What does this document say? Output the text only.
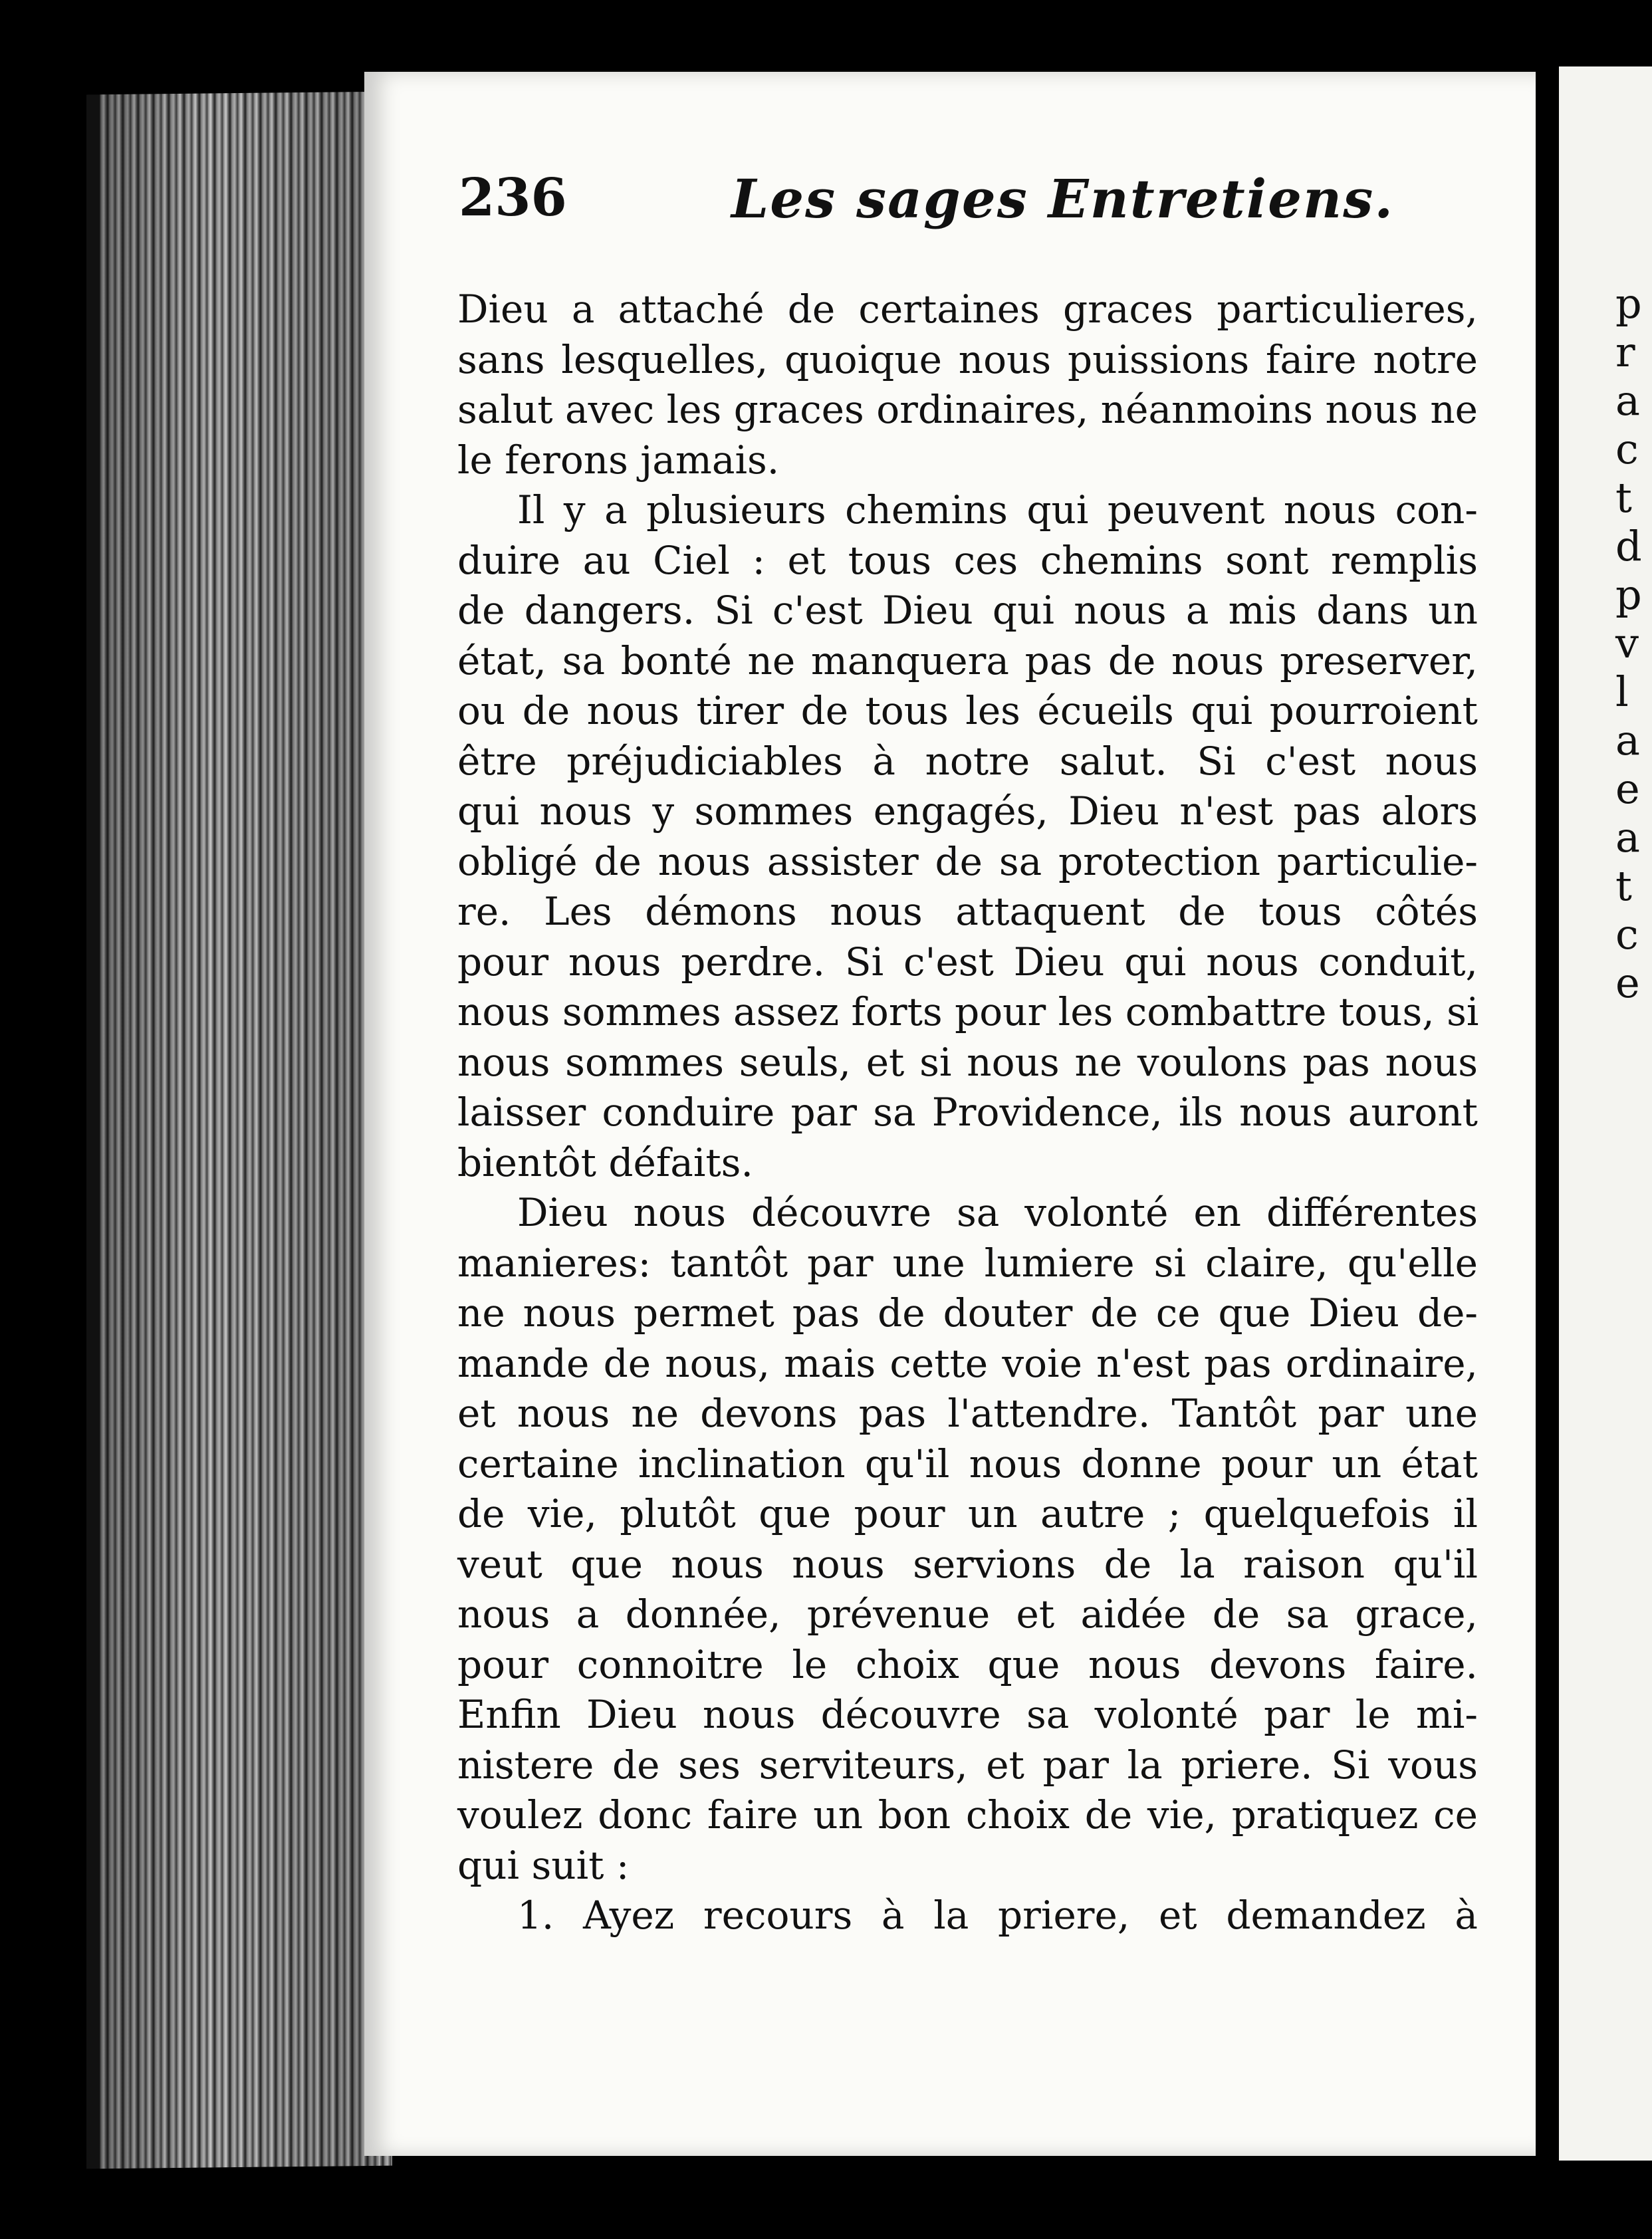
p
r
a
c
t
d
p
v
l
a
e
a
t
c
e
236	Les sages Entretiens.
Dieu a attaché de certaines graces particulieres,
sans lesquelles, quoique nous puissions faire notre
salut avec les graces ordinaires, néanmoins nous ne
le ferons jamais.
Il y a plusieurs chemins qui peuvent nous con-
duire au Ciel : et tous ces chemins sont remplis
de dangers. Si c'est Dieu qui nous a mis dans un
état, sa bonté ne manquera pas de nous preserver,
ou de nous tirer de tous les écueils qui pourroient
être préjudiciables à notre salut. Si c'est nous
qui nous y sommes engagés, Dieu n'est pas alors
obligé de nous assister de sa protection particulie-
re. Les démons nous attaquent de tous côtés
pour nous perdre. Si c'est Dieu qui nous conduit,
nous sommes assez forts pour les combattre tous, si
nous sommes seuls, et si nous ne voulons pas nous
laisser conduire par sa Providence, ils nous auront
bientôt défaits.
Dieu nous découvre sa volonté en différentes
manieres: tantôt par une lumiere si claire, qu'elle
ne nous permet pas de douter de ce que Dieu de-
mande de nous, mais cette voie n'est pas ordinaire,
et nous ne devons pas l'attendre. Tantôt par une
certaine inclination qu'il nous donne pour un état
de vie, plutôt que pour un autre ; quelquefois il
veut que nous nous servions de la raison qu'il
nous a donnée, prévenue et aidée de sa grace,
pour connoitre le choix que nous devons faire.
Enfin Dieu nous découvre sa volonté par le mi-
nistere de ses serviteurs, et par la priere. Si vous
voulez donc faire un bon choix de vie, pratiquez ce
qui suit :
1. Ayez recours à la priere, et demandez à
